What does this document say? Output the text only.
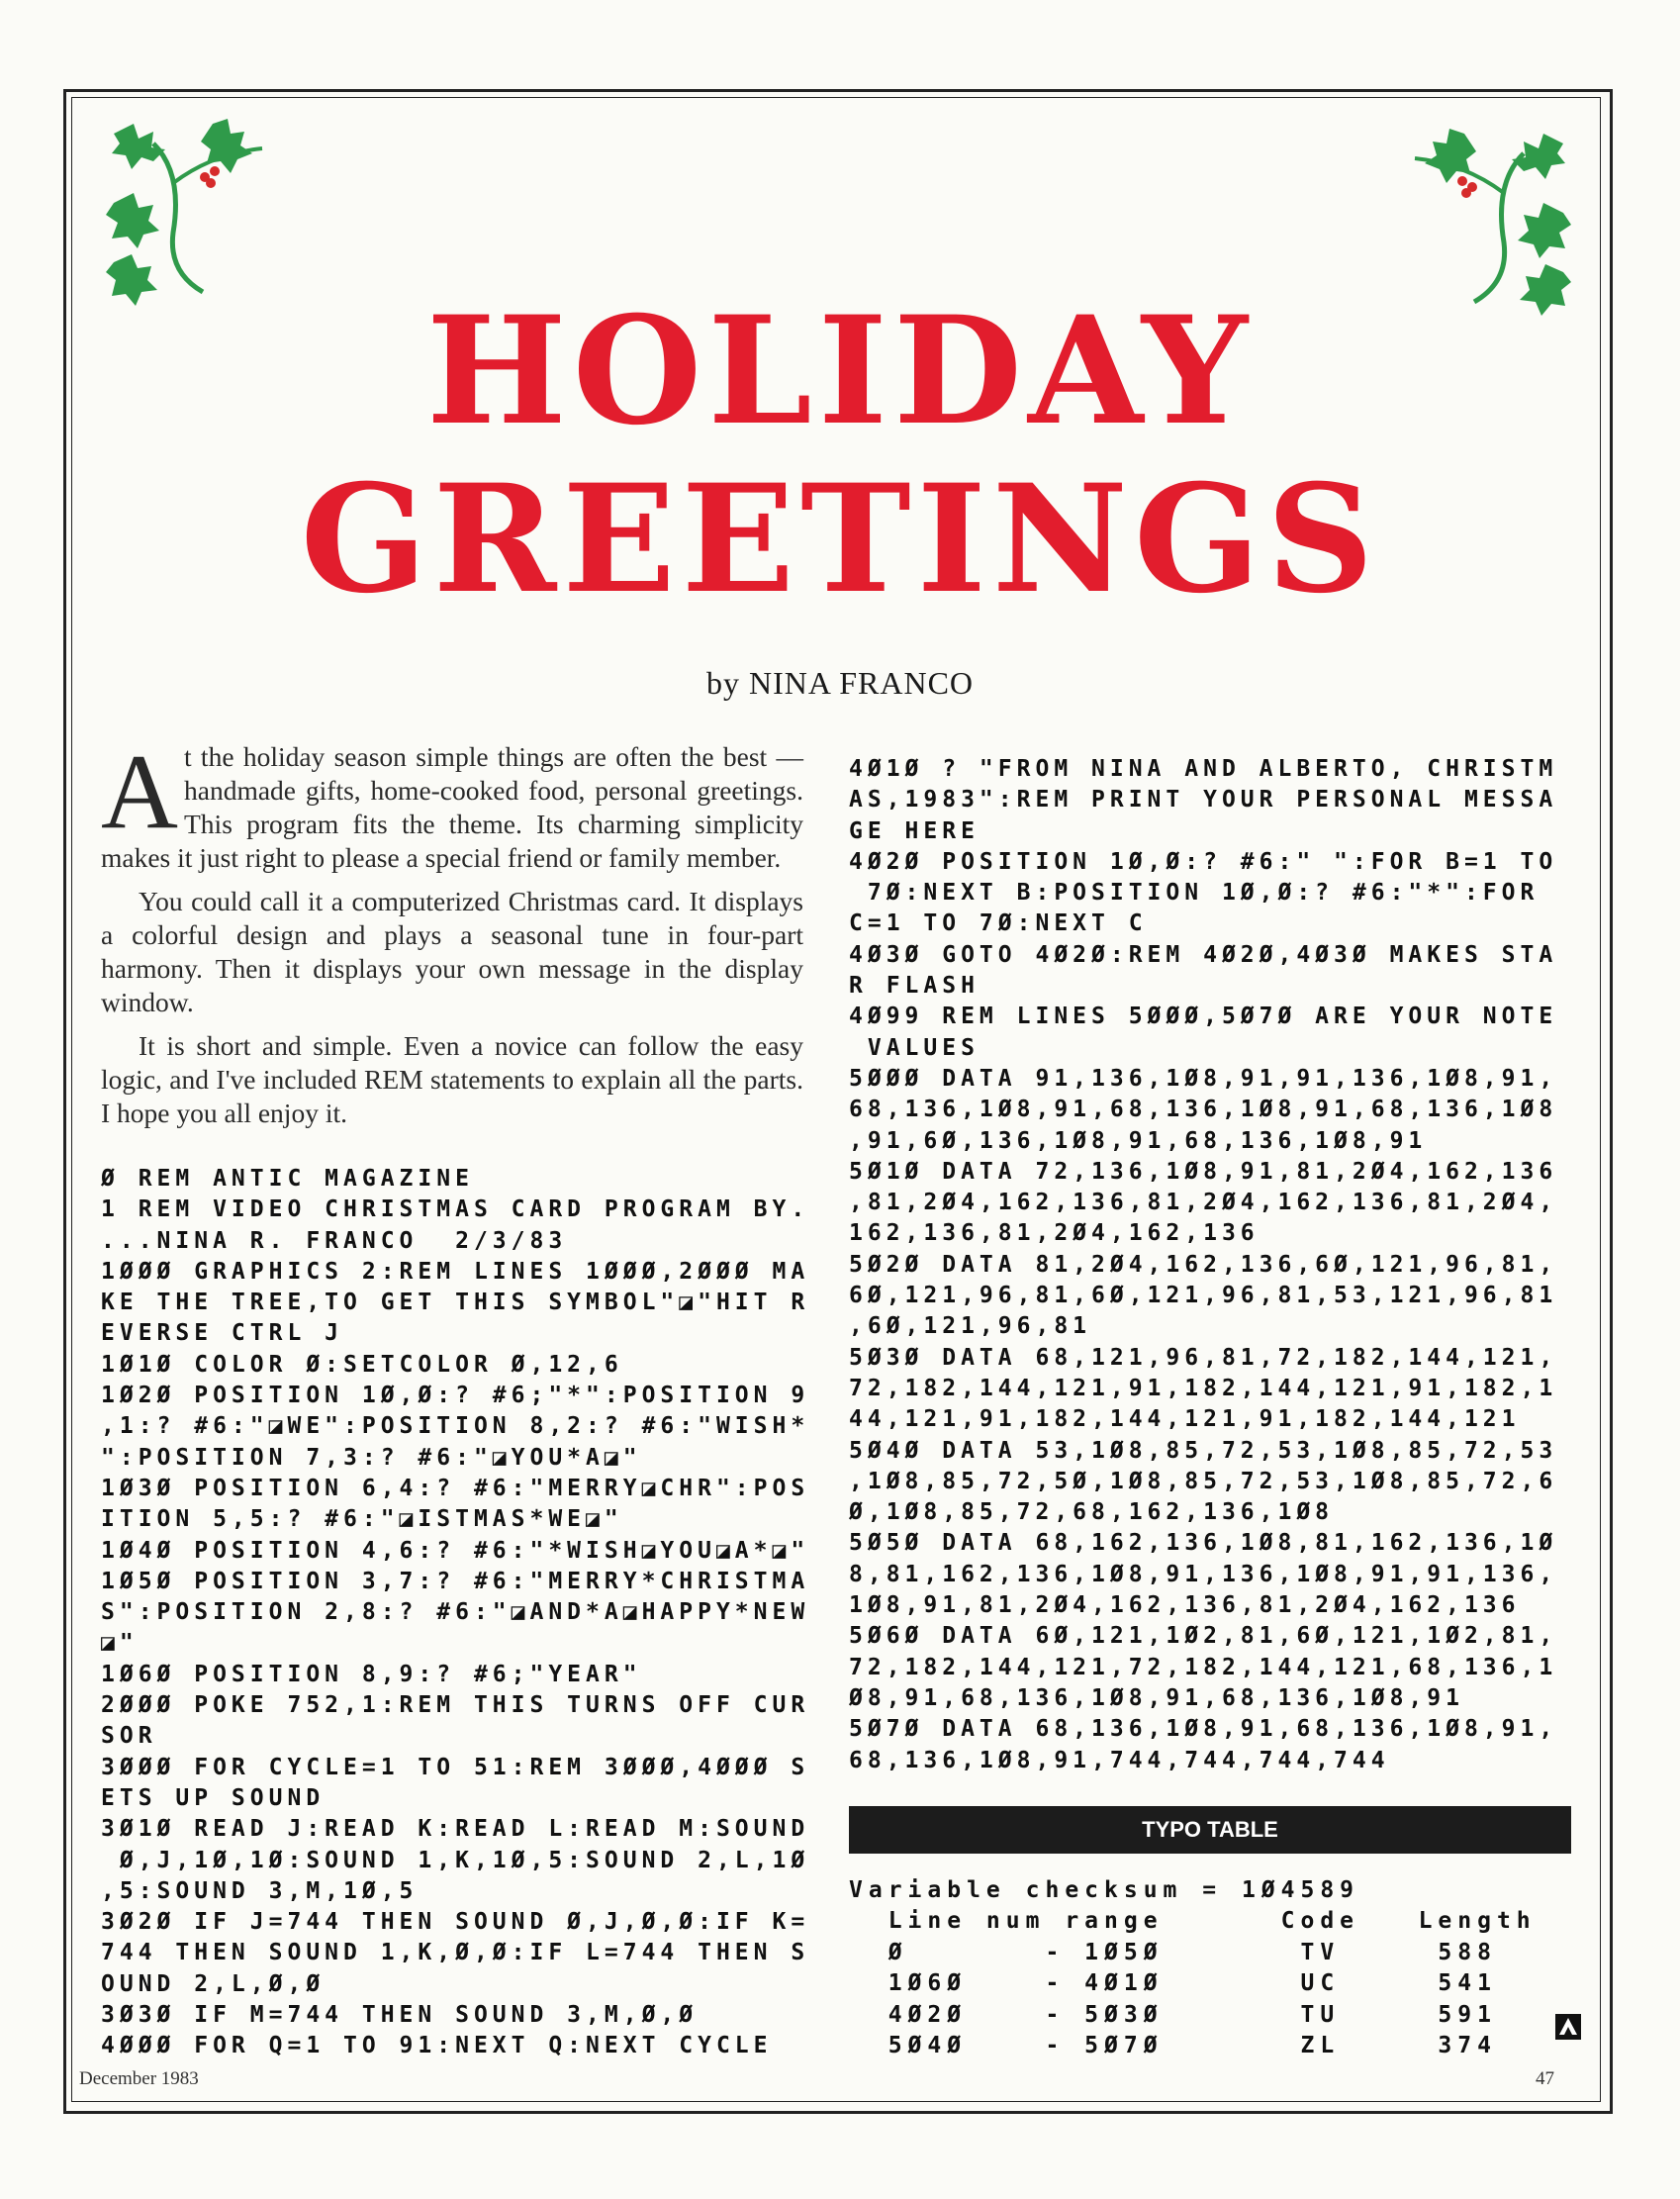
HOLIDAY
GREETINGS
by NINA FRANCO

At the holiday season simple things are often the best — handmade gifts, home-cooked food, personal greetings. This program fits the theme. Its charming simplicity makes it just right to please a special friend or family member.

You could call it a computerized Christmas card. It displays a colorful design and plays a seasonal tune in four-part harmony. Then it displays your own message in the display window.

It is short and simple. Even a novice can follow the easy logic, and I've included REM statements to explain all the parts. I hope you all enjoy it.

Ø REM ANTIC MAGAZINE
1 REM VIDEO CHRISTMAS CARD PROGRAM BY.
...NINA R. FRANCO  2/3/83
1ØØØ GRAPHICS 2:REM LINES 1ØØØ,2ØØØ MA
KE THE TREE,TO GET THIS SYMBOL"◪"HIT R
EVERSE CTRL J
1Ø1Ø COLOR Ø:SETCOLOR Ø,12,6
1Ø2Ø POSITION 1Ø,Ø:? #6;"*":POSITION 9
,1:? #6:"◪WE":POSITION 8,2:? #6:"WISH*
":POSITION 7,3:? #6:"◪YOU*A◪"
1Ø3Ø POSITION 6,4:? #6:"MERRY◪CHR":POS
ITION 5,5:? #6:"◪ISTMAS*WE◪"
1Ø4Ø POSITION 4,6:? #6:"*WISH◪YOU◪A*◪"
1Ø5Ø POSITION 3,7:? #6:"MERRY*CHRISTMA
S":POSITION 2,8:? #6:"◪AND*A◪HAPPY*NEW
◪"
1Ø6Ø POSITION 8,9:? #6;"YEAR"
2ØØØ POKE 752,1:REM THIS TURNS OFF CUR
SOR
3ØØØ FOR CYCLE=1 TO 51:REM 3ØØØ,4ØØØ S
ETS UP SOUND
3Ø1Ø READ J:READ K:READ L:READ M:SOUND
Ø,J,1Ø,1Ø:SOUND 1,K,1Ø,5:SOUND 2,L,1Ø
,5:SOUND 3,M,1Ø,5
3Ø2Ø IF J=744 THEN SOUND Ø,J,Ø,Ø:IF K=
744 THEN SOUND 1,K,Ø,Ø:IF L=744 THEN S
OUND 2,L,Ø,Ø
3Ø3Ø IF M=744 THEN SOUND 3,M,Ø,Ø
4ØØØ FOR Q=1 TO 91:NEXT Q:NEXT CYCLE
4Ø1Ø ? "FROM NINA AND ALBERTO, CHRISTM
AS,1983":REM PRINT YOUR PERSONAL MESSA
GE HERE
4Ø2Ø POSITION 1Ø,Ø:? #6:" ":FOR B=1 TO
7Ø:NEXT B:POSITION 1Ø,Ø:? #6:"*":FOR
C=1 TO 7Ø:NEXT C
4Ø3Ø GOTO 4Ø2Ø:REM 4Ø2Ø,4Ø3Ø MAKES STA
R FLASH
4Ø99 REM LINES 5ØØØ,5Ø7Ø ARE YOUR NOTE
VALUES
5ØØØ DATA 91,136,1Ø8,91,91,136,1Ø8,91,
68,136,1Ø8,91,68,136,1Ø8,91,68,136,1Ø8
,91,6Ø,136,1Ø8,91,68,136,1Ø8,91
5Ø1Ø DATA 72,136,1Ø8,91,81,2Ø4,162,136
,81,2Ø4,162,136,81,2Ø4,162,136,81,2Ø4,
162,136,81,2Ø4,162,136
5Ø2Ø DATA 81,2Ø4,162,136,6Ø,121,96,81,
6Ø,121,96,81,6Ø,121,96,81,53,121,96,81
,6Ø,121,96,81
5Ø3Ø DATA 68,121,96,81,72,182,144,121,
72,182,144,121,91,182,144,121,91,182,1
44,121,91,182,144,121,91,182,144,121
5Ø4Ø DATA 53,1Ø8,85,72,53,1Ø8,85,72,53
,1Ø8,85,72,5Ø,1Ø8,85,72,53,1Ø8,85,72,6
Ø,1Ø8,85,72,68,162,136,1Ø8
5Ø5Ø DATA 68,162,136,1Ø8,81,162,136,1Ø
8,81,162,136,1Ø8,91,136,1Ø8,91,91,136,
1Ø8,91,81,2Ø4,162,136,81,2Ø4,162,136
5Ø6Ø DATA 6Ø,121,1Ø2,81,6Ø,121,1Ø2,81,
72,182,144,121,72,182,144,121,68,136,1
Ø8,91,68,136,1Ø8,91,68,136,1Ø8,91
5Ø7Ø DATA 68,136,1Ø8,91,68,136,1Ø8,91,
68,136,1Ø8,91,744,744,744,744
TYPO TABLE
Variable checksum = 1Ø4589
Line num range      Code   Length
Ø       - 1Ø5Ø       TV     588
1Ø6Ø    - 4Ø1Ø       UC     541
4Ø2Ø    - 5Ø3Ø       TU     591
5Ø4Ø    - 5Ø7Ø       ZL     374
December 1983	47
